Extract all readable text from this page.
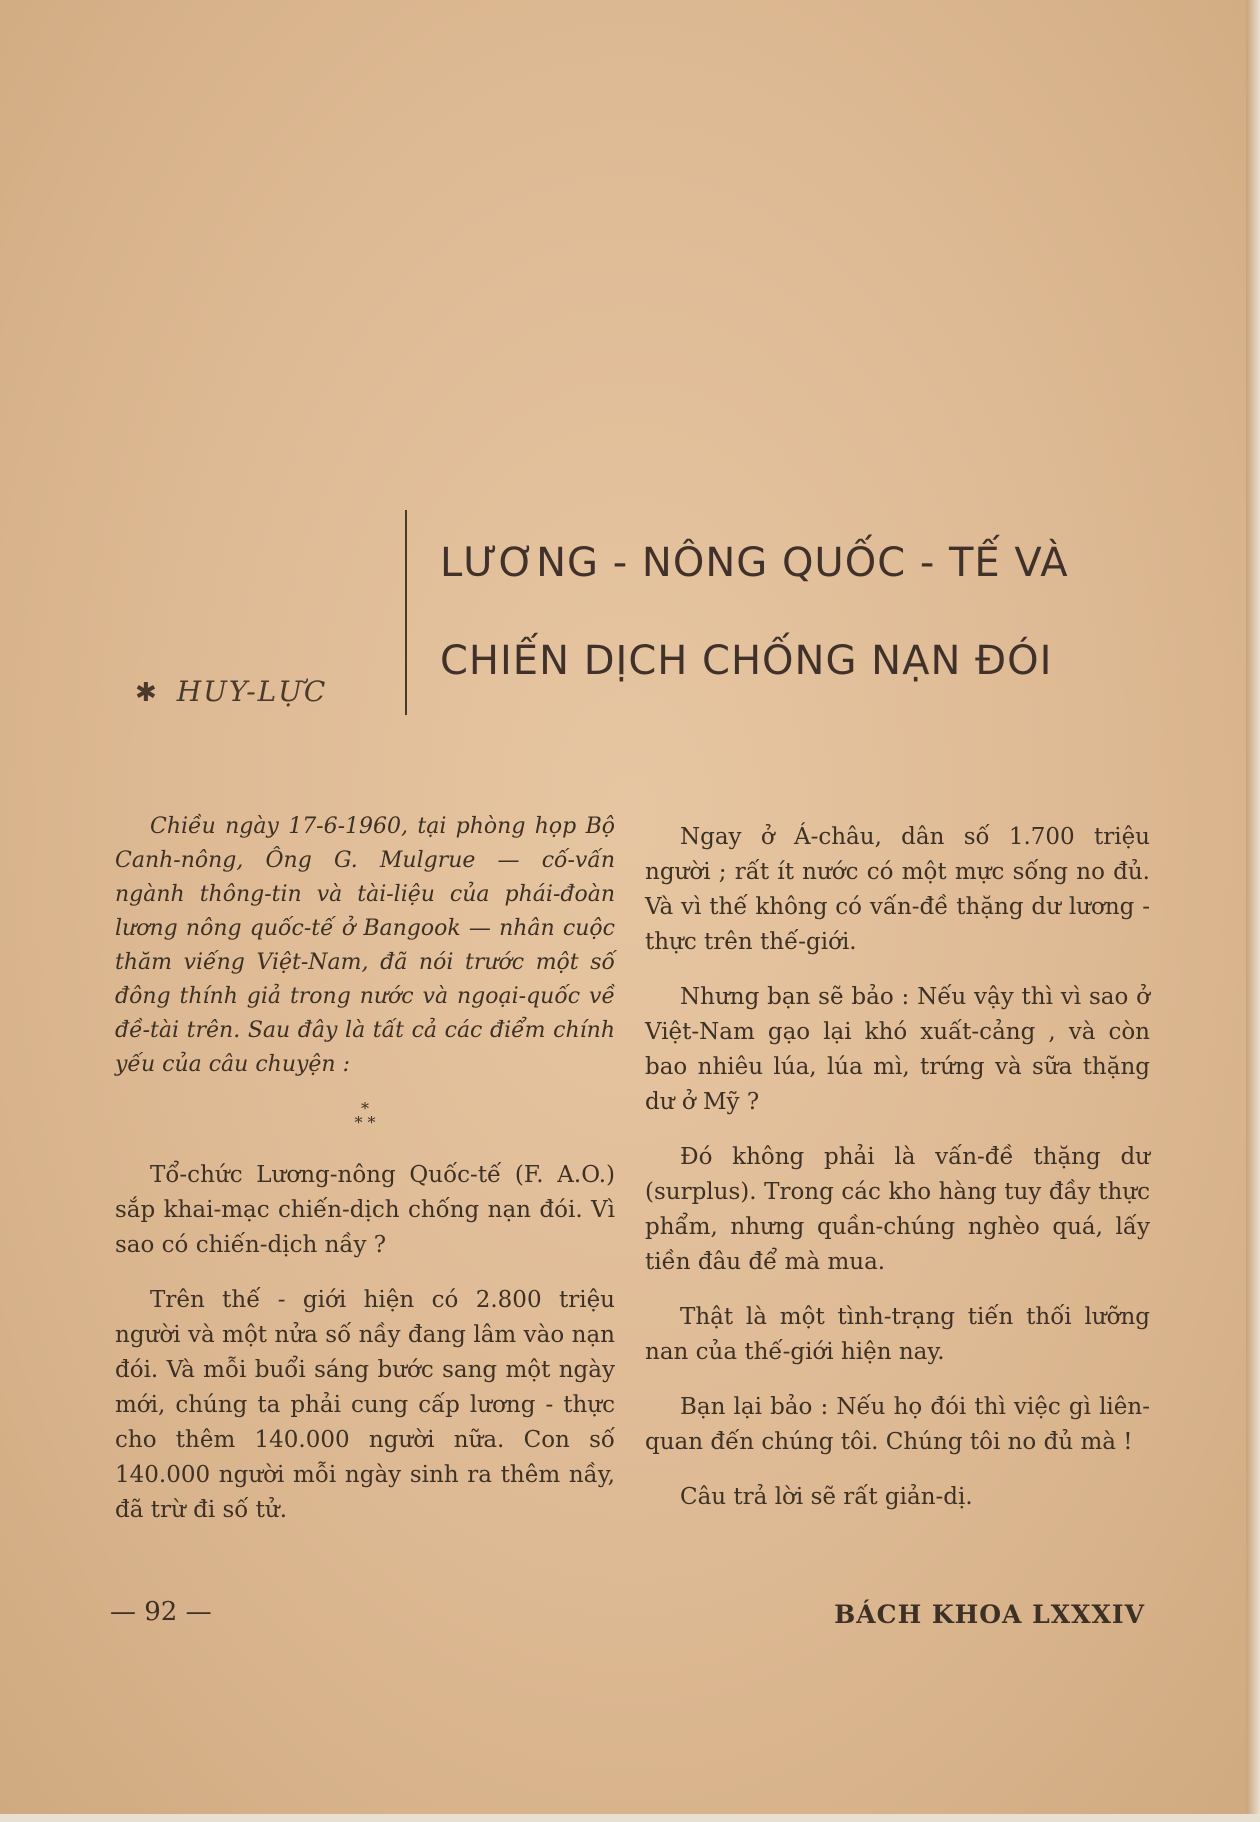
LƯƠNG - NÔNG QUỐC - TẾ VÀ
CHIẾN DỊCH CHỐNG NẠN ĐÓI
✱ HUY-LỰC

Chiều ngày 17-6-1960, tại phòng họp Bộ Canh-nông, Ông G. Mulgrue — cố-vấn ngành thông-tin và tài-liệu của phái-đoàn lương nông quốc-tế ở Bangook — nhân cuộc thăm viếng Việt-Nam, đã nói trước một số đông thính giả trong nước và ngoại-quốc về đề-tài trên. Sau đây là tất cả các điểm chính yếu của câu chuyện :

*
* *

Tổ-chức Lương-nông Quốc-tế (F. A.O.) sắp khai-mạc chiến-dịch chống nạn đói. Vì sao có chiến-dịch nầy ?

Trên thế - giới hiện có 2.800 triệu người và một nửa số nầy đang lâm vào nạn đói. Và mỗi buổi sáng bước sang một ngày mới, chúng ta phải cung cấp lương - thực cho thêm 140.000 người nữa. Con số 140.000 người mỗi ngày sinh ra thêm nầy, đã trừ đi số tử.

Ngay ở Á-châu, dân số 1.700 triệu người ; rất ít nước có một mực sống no đủ. Và vì thế không có vấn-đề thặng dư lương - thực trên thế-giới.

Nhưng bạn sẽ bảo : Nếu vậy thì vì sao ở Việt-Nam gạo lại khó xuất-cảng , và còn bao nhiêu lúa, lúa mì, trứng và sữa thặng dư ở Mỹ ?

Đó không phải là vấn-đề thặng dư (surplus). Trong các kho hàng tuy đầy thực phẩm, nhưng quần-chúng nghèo quá, lấy tiền đâu để mà mua.

Thật là một tình-trạng tiến thối lưỡng nan của thế-giới hiện nay.

Bạn lại bảo : Nếu họ đói thì việc gì liên-quan đến chúng tôi. Chúng tôi no đủ mà !

Câu trả lời sẽ rất giản-dị.

— 92 —	BÁCH KHOA LXXXIV
